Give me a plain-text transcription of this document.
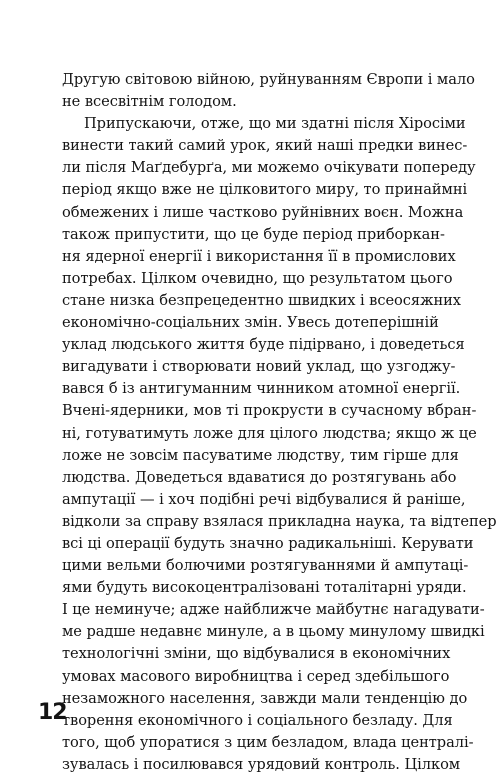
Другую світовою війною, руйнуванням Європи і мало
не всесвітнім голодом.
Припускаючи, отже, що ми здатні після Хіросіми
винести такий самий урок, який наші предки винес-
ли після Маґдебурґа, ми можемо очікувати попереду
період якщо вже не цілковитого миру, то принаймні
обмежених і лише частково руйнівних воєн. Можна
також припустити, що це буде період приборкан-
ня ядерної енергії і використання її в промислових
потребах. Цілком очевидно, що результатом цього
стане низка безпрецедентно швидких і всеосяжних
економічно-соціальних змін. Увесь дотеперішній
уклад людського життя буде підірвано, і доведеться
вигадувати і створювати новий уклад, що узгоджу-
вався б із антигуманним чинником атомної енергії.
Вчені-ядерники, мов ті прокрусти в сучасному вбран-
ні, готуватимуть ложе для цілого людства; якщо ж це
ложе не зовсім пасуватиме людству, тим гірше для
людства. Доведеться вдаватися до розтягувань або
ампутації — і хоч подібні речі відбувалися й раніше,
відколи за справу взялася прикладна наука, та відтепер
всі ці операції будуть значно радикальніші. Керувати
цими вельми болючими розтягуваннями й ампутаці-
ями будуть високоцентралізовані тоталітарні уряди.
І це неминуче; адже найближче майбутнє нагадувати-
ме радше недавнє минуле, а в цьому минулому швидкі
технологічні зміни, що відбувалися в економічних
умовах масового виробництва і серед здебільшого
незаможного населення, завжди мали тенденцію до
творення економічного і соціального безладу. Для
того, щоб упоратися з цим безладом, влада централі-
зувалась і посилювався урядовий контроль. Цілком
12
